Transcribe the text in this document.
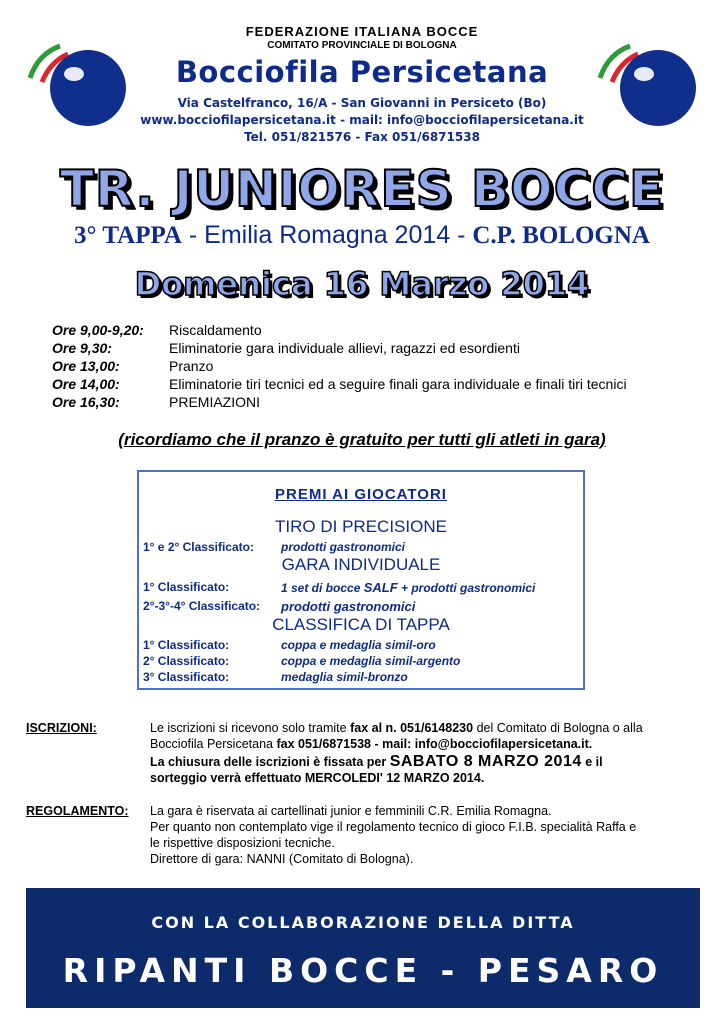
FEDERAZIONE ITALIANA BOCCE
COMITATO PROVINCIALE DI BOLOGNA
Bocciofila Persicetana
Via Castelfranco, 16/A - San Giovanni in Persiceto (Bo)
www.bocciofilapersicetana.it - mail: info@bocciofilapersicetana.it
Tel. 051/821576 - Fax 051/6871538
TR. JUNIORES BOCCE
3° TAPPA - Emilia Romagna 2014 - C.P. BOLOGNA
Domenica 16 Marzo 2014
Ore 9,00-9,20:	Riscaldamento
Ore 9,30:	Eliminatorie gara individuale allievi, ragazzi ed esordienti
Ore 13,00:	Pranzo
Ore 14,00:	Eliminatorie tiri tecnici ed a seguire finali gara individuale e finali tiri tecnici
Ore 16,30:	PREMIAZIONI
(ricordiamo che il pranzo è gratuito per tutti gli atleti in gara)
PREMI AI GIOCATORI
TIRO DI PRECISIONE
1° e 2° Classificato: prodotti gastronomici
GARA INDIVIDUALE
1° Classificato:	1 set di bocce SALF + prodotti gastronomici
2°-3°-4° Classificato: prodotti gastronomici
CLASSIFICA DI TAPPA
1° Classificato:	coppa e medaglia simil-oro
2° Classificato:	coppa e medaglia simil-argento
3° Classificato:	medaglia simil-bronzo
ISCRIZIONI:	Le iscrizioni si ricevono solo tramite fax al n. 051/6148230 del Comitato di Bologna o alla
Bocciofila Persicetana fax 051/6871538 - mail: info@bocciofilapersicetana.it.
La chiusura delle iscrizioni è fissata per SABATO 8 MARZO 2014 e il
sorteggio verrà effettuato MERCOLEDI' 12 MARZO 2014.
REGOLAMENTO: La gara è riservata ai cartellinati junior e femminili C.R. Emilia Romagna.
Per quanto non contemplato vige il regolamento tecnico di gioco F.I.B. specialità Raffa e
le rispettive disposizioni tecniche.
Direttore di gara: NANNI (Comitato di Bologna).
CON LA COLLABORAZIONE DELLA DITTA
RIPANTI BOCCE - PESARO
